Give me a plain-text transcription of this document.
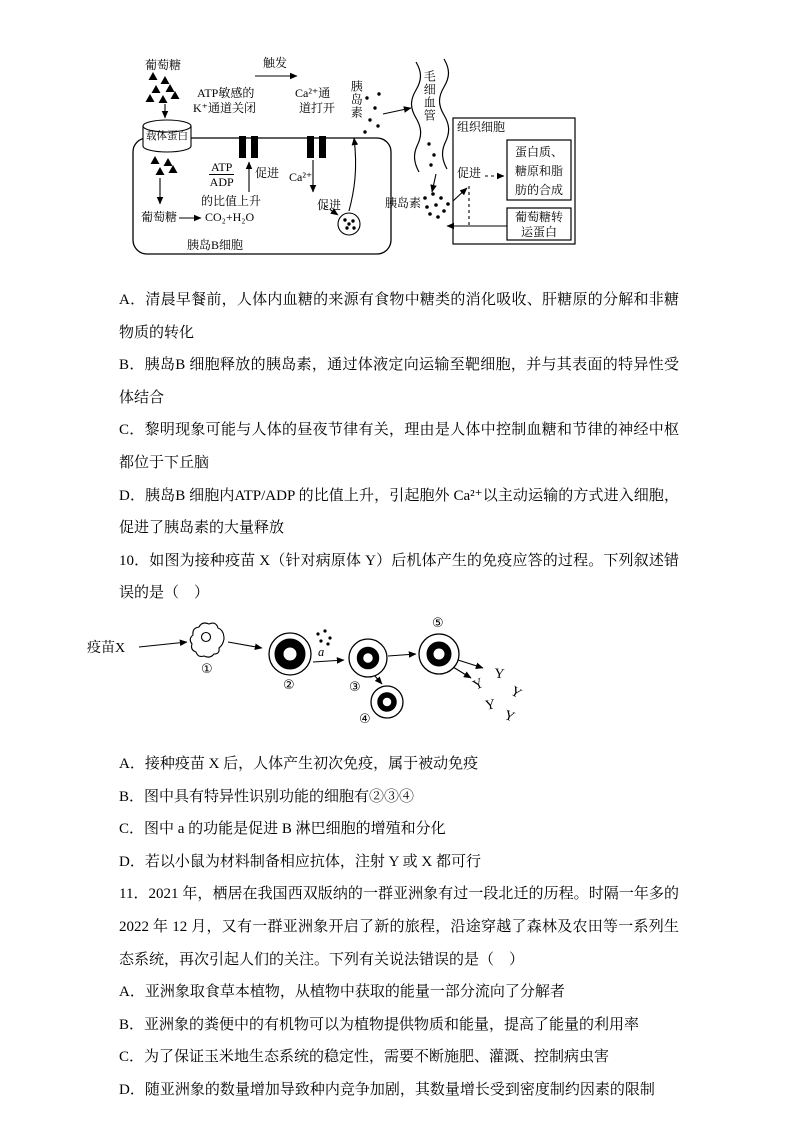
葡萄糖	触发
ATP敏感的
K⁺通道关闭
Ca²⁺通
道打开 胰岛素	毛细血管
载体蛋白
促进
ATP
ADP
的比值上升
Ca²⁺
促进
葡萄糖 CO₂+H₂O
胰岛B细胞
胰岛素
促进
组织细胞
蛋白质、糖原和脂肪的合成
葡萄糖转运蛋白

A．清晨早餐前，人体内血糖的来源有食物中糖类的消化吸收、肝糖原的分解和非糖物质的转化

B．胰岛B 细胞释放的胰岛素，通过体液定向运输至靶细胞，并与其表面的特异性受体结合

C．黎明现象可能与人体的昼夜节律有关，理由是人体中控制血糖和节律的神经中枢都位于下丘脑

D．胰岛B 细胞内ATP/ADP 的比值上升，引起胞外 Ca²⁺以主动运输的方式进入细胞，促进了胰岛素的大量释放

10．如图为接种疫苗 X（针对病原体 Y）后机体产生的免疫应答的过程。下列叙述错误的是（　）

Y
Y
Y
Y
Y
疫苗X
①
②
a
③
④
⑤

A．接种疫苗 X 后，人体产生初次免疫，属于被动免疫

B．图中具有特异性识别功能的细胞有②③④

C．图中 a 的功能是促进 B 淋巴细胞的增殖和分化

D．若以小鼠为材料制备相应抗体，注射 Y 或 X 都可行

11．2021 年，栖居在我国西双版纳的一群亚洲象有过一段北迁的历程。时隔一年多的 2022 年 12 月，又有一群亚洲象开启了新的旅程，沿途穿越了森林及农田等一系列生态系统，再次引起人们的关注。下列有关说法错误的是（　）

A．亚洲象取食草本植物，从植物中获取的能量一部分流向了分解者

B．亚洲象的粪便中的有机物可以为植物提供物质和能量，提高了能量的利用率

C．为了保证玉米地生态系统的稳定性，需要不断施肥、灌溉、控制病虫害

D．随亚洲象的数量增加导致种内竞争加剧，其数量增长受到密度制约因素的限制
